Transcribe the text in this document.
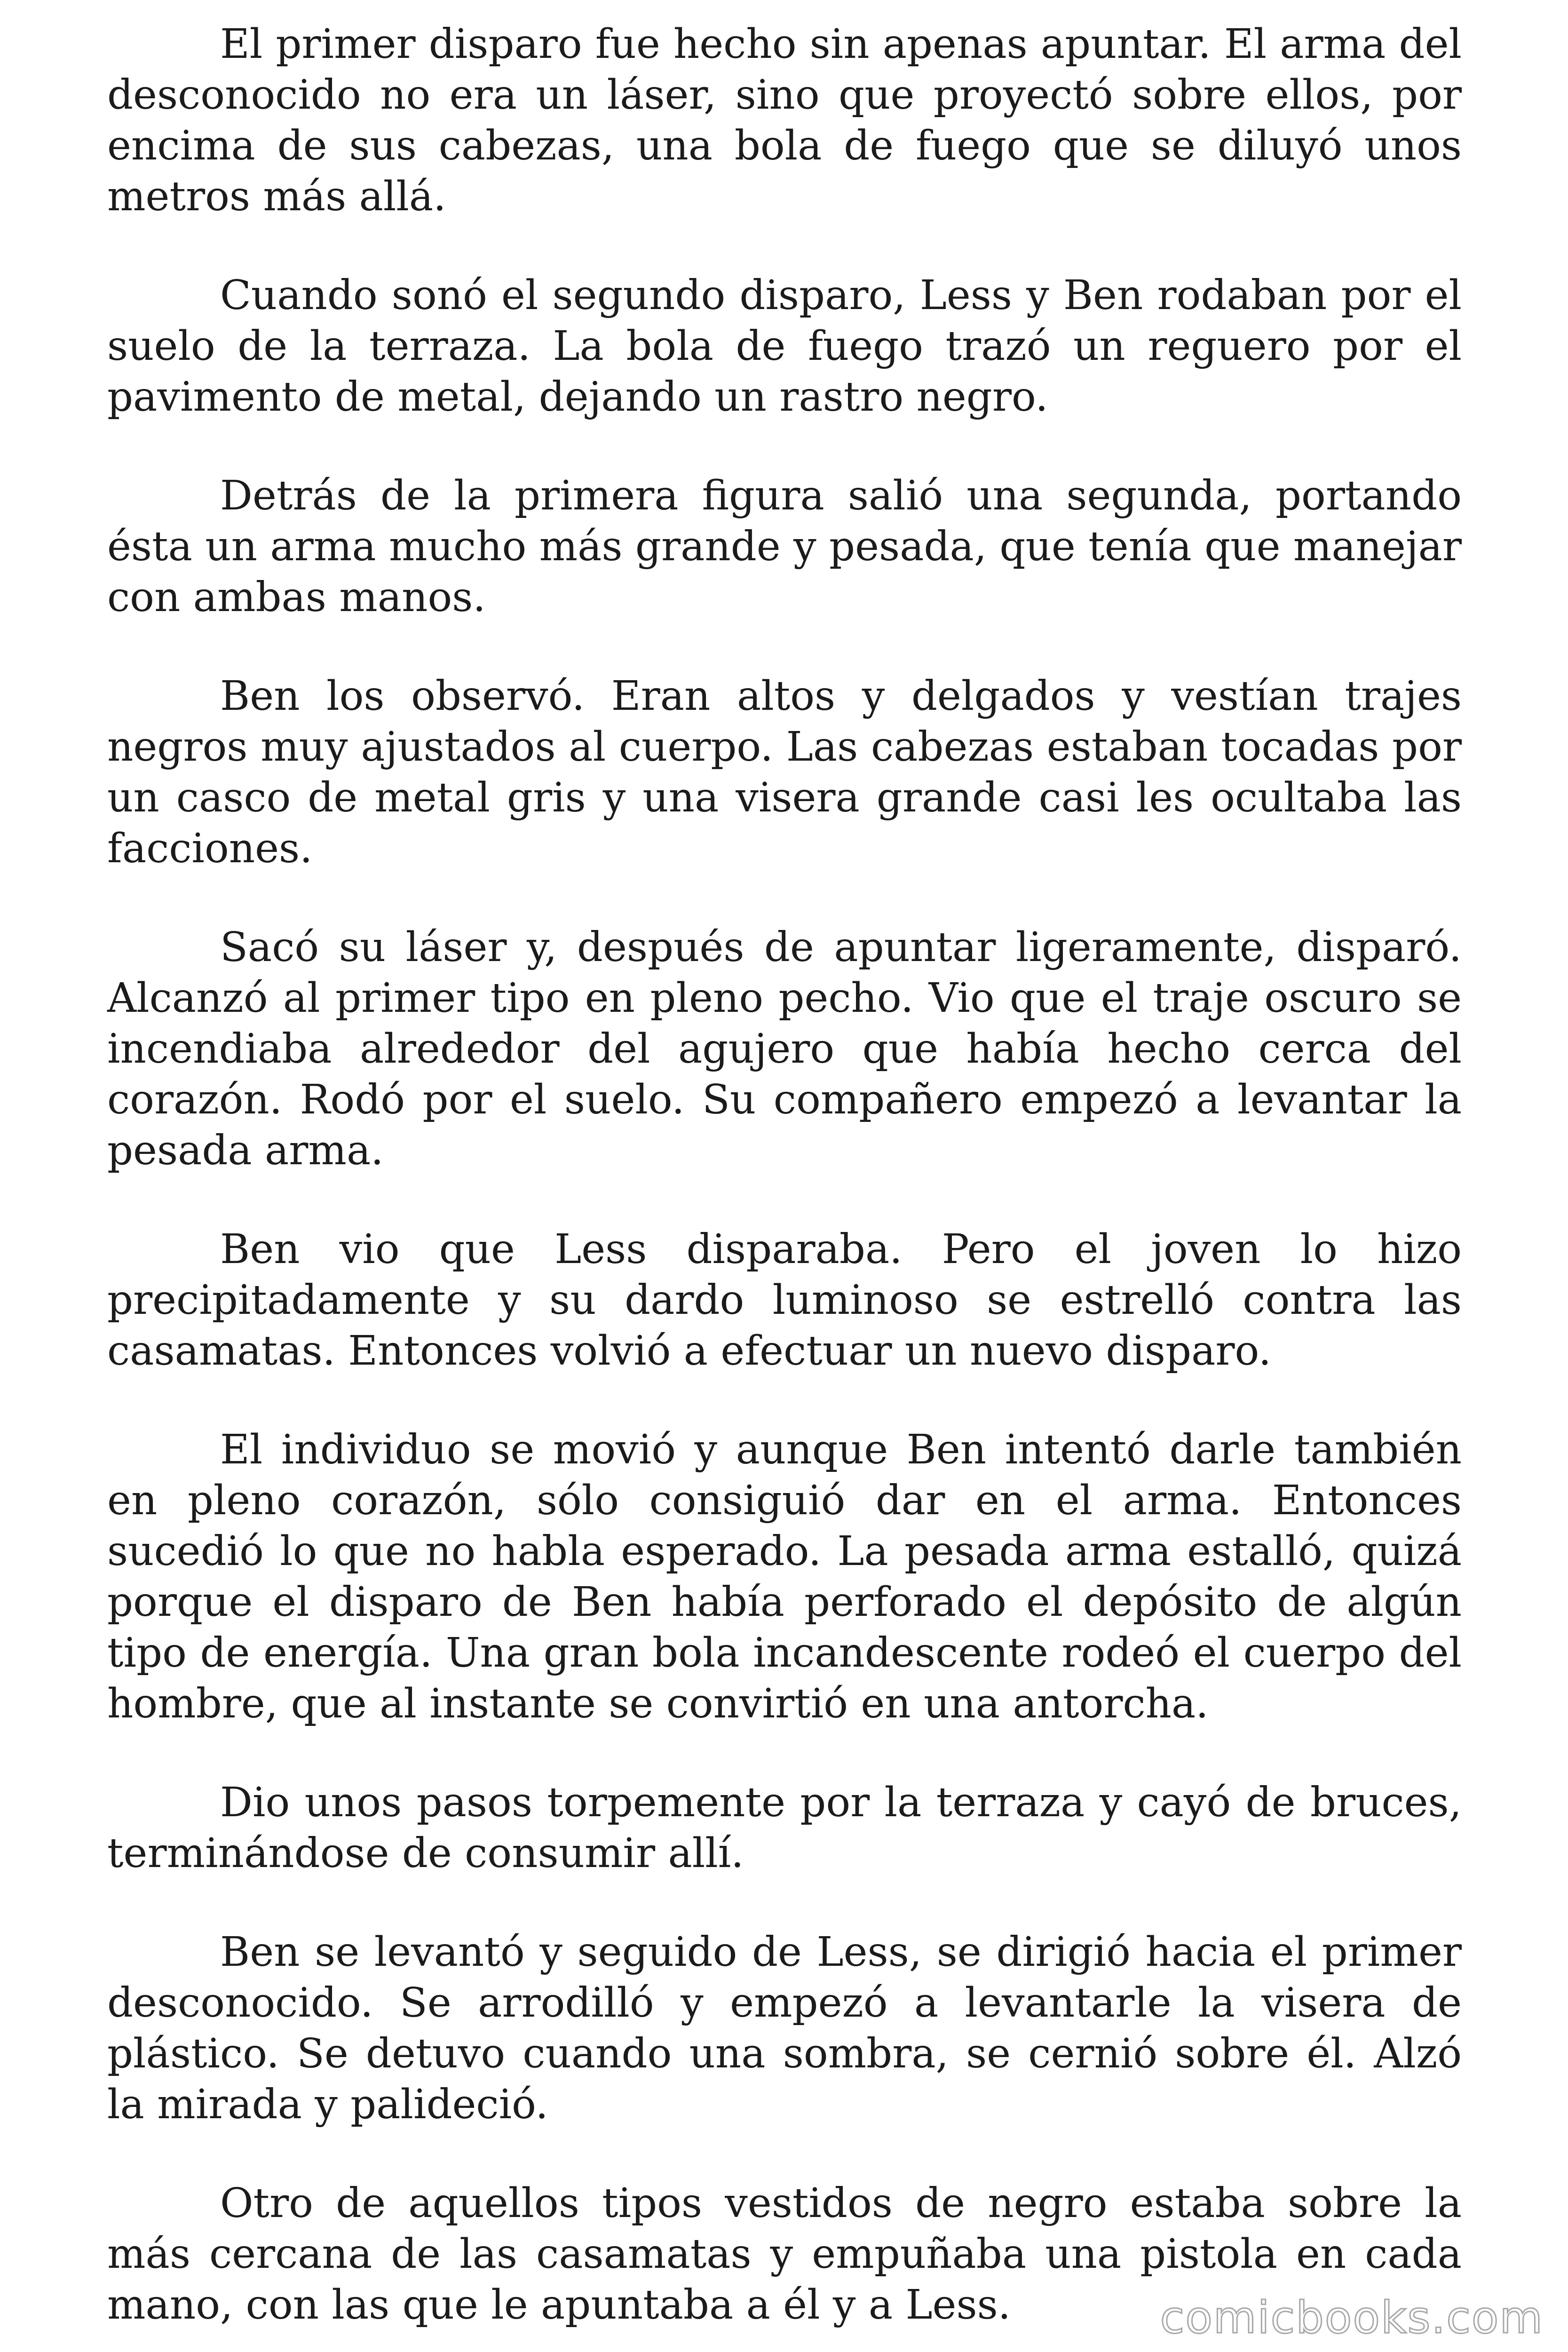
El primer disparo fue hecho sin apenas apuntar. El arma del desconocido no era un láser, sino que proyectó sobre ellos, por encima de sus cabezas, una bola de fuego que se diluyó unos metros más allá.

Cuando sonó el segundo disparo, Less y Ben rodaban por el suelo de la terraza. La bola de fuego trazó un reguero por el pavimento de metal, dejando un rastro negro.

Detrás de la primera figura salió una segunda, portando ésta un arma mucho más grande y pesada, que tenía que manejar con ambas manos.

Ben los observó. Eran altos y delgados y vestían trajes negros muy ajustados al cuerpo. Las cabezas estaban tocadas por un casco de metal gris y una visera grande casi les ocultaba las facciones.

Sacó su láser y, después de apuntar ligeramente, disparó. Alcanzó al primer tipo en pleno pecho. Vio que el traje oscuro se incendiaba alrededor del agujero que había hecho cerca del corazón. Rodó por el suelo. Su compañero empezó a levantar la pesada arma.

Ben vio que Less disparaba. Pero el joven lo hizo precipitadamente y su dardo luminoso se estrelló contra las casamatas. Entonces volvió a efectuar un nuevo disparo.

El individuo se movió y aunque Ben intentó darle también en pleno corazón, sólo consiguió dar en el arma. Entonces sucedió lo que no habla esperado. La pesada arma estalló, quizá porque el disparo de Ben había perforado el depósito de algún tipo de energía. Una gran bola incandescente rodeó el cuerpo del hombre, que al instante se convirtió en una antorcha.

Dio unos pasos torpemente por la terraza y cayó de bruces, terminándose de consumir allí.

Ben se levantó y seguido de Less, se dirigió hacia el primer desconocido. Se arrodilló y empezó a levantarle la visera de plástico. Se detuvo cuando una sombra, se cernió sobre él. Alzó la mirada y palideció.

Otro de aquellos tipos vestidos de negro estaba sobre la más cercana de las casamatas y empuñaba una pistola en cada mano, con las que le apuntaba a él y a Less.	comicbooks.com
